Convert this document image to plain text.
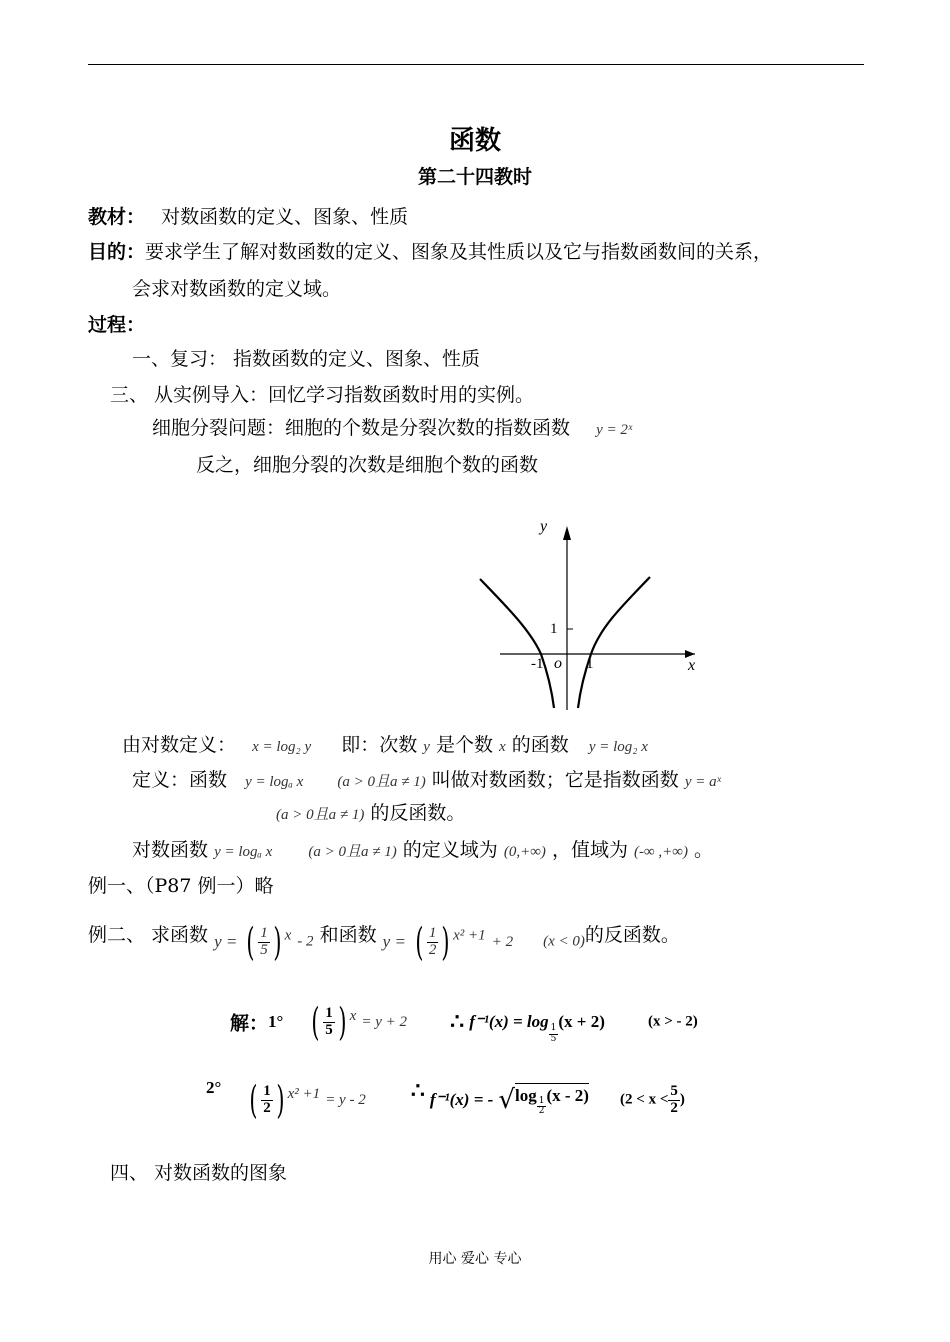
函数
第二十四教时
教材： 对数函数的定义、图象、性质
目的：要求学生了解对数函数的定义、图象及其性质以及它与指数函数间的关系，
会求对数函数的定义域。
过程：
一、复习： 指数函数的定义、图象、性质
三、 从实例导入：回忆学习指数函数时用的实例。
细胞分裂问题：细胞的个数是分裂次数的指数函数 y = 2ˣ
反之，细胞分裂的次数是细胞个数的函数
y
x
1
o
-1	1
由对数定义： x = log₂ y 即：次数 y 是个数 x 的函数 y = log₂ x
定义：函数 y = logₐ x (a > 0且a ≠ 1) 叫做对数函数；它是指数函数 y = aˣ
(a > 0且a ≠ 1) 的反函数。
对数函数 y = logₐ x (a > 0且a ≠ 1) 的定义域为 (0,+∞) ，值域为 (-∞ ,+∞) 。
例一、（P87 例一）略
例二、 求函数 y = ( $\frac{1}{5}$ ) $^x$ - 2 和函数 y = ( $\frac{1}{2}$ ) $^{x^2 +1}$ + 2 (x < 0)的反函数。
解：1° ( $\frac{1}{5}$ ) $^x$ = y + 2 ∴ f⁻¹(x) = log
$\frac{1}{5}$
(x + 2)	(x > - 2)
2° ( $\frac{1}{2}$ ) $^{x^2 +1}$ = y - 2 ∴ f⁻¹(x) = - √log
$\frac{1}{2}$
(x - 2) ($2 < x < \frac{5}{2}$ )
四、 对数函数的图象
用心 爱心 专心
